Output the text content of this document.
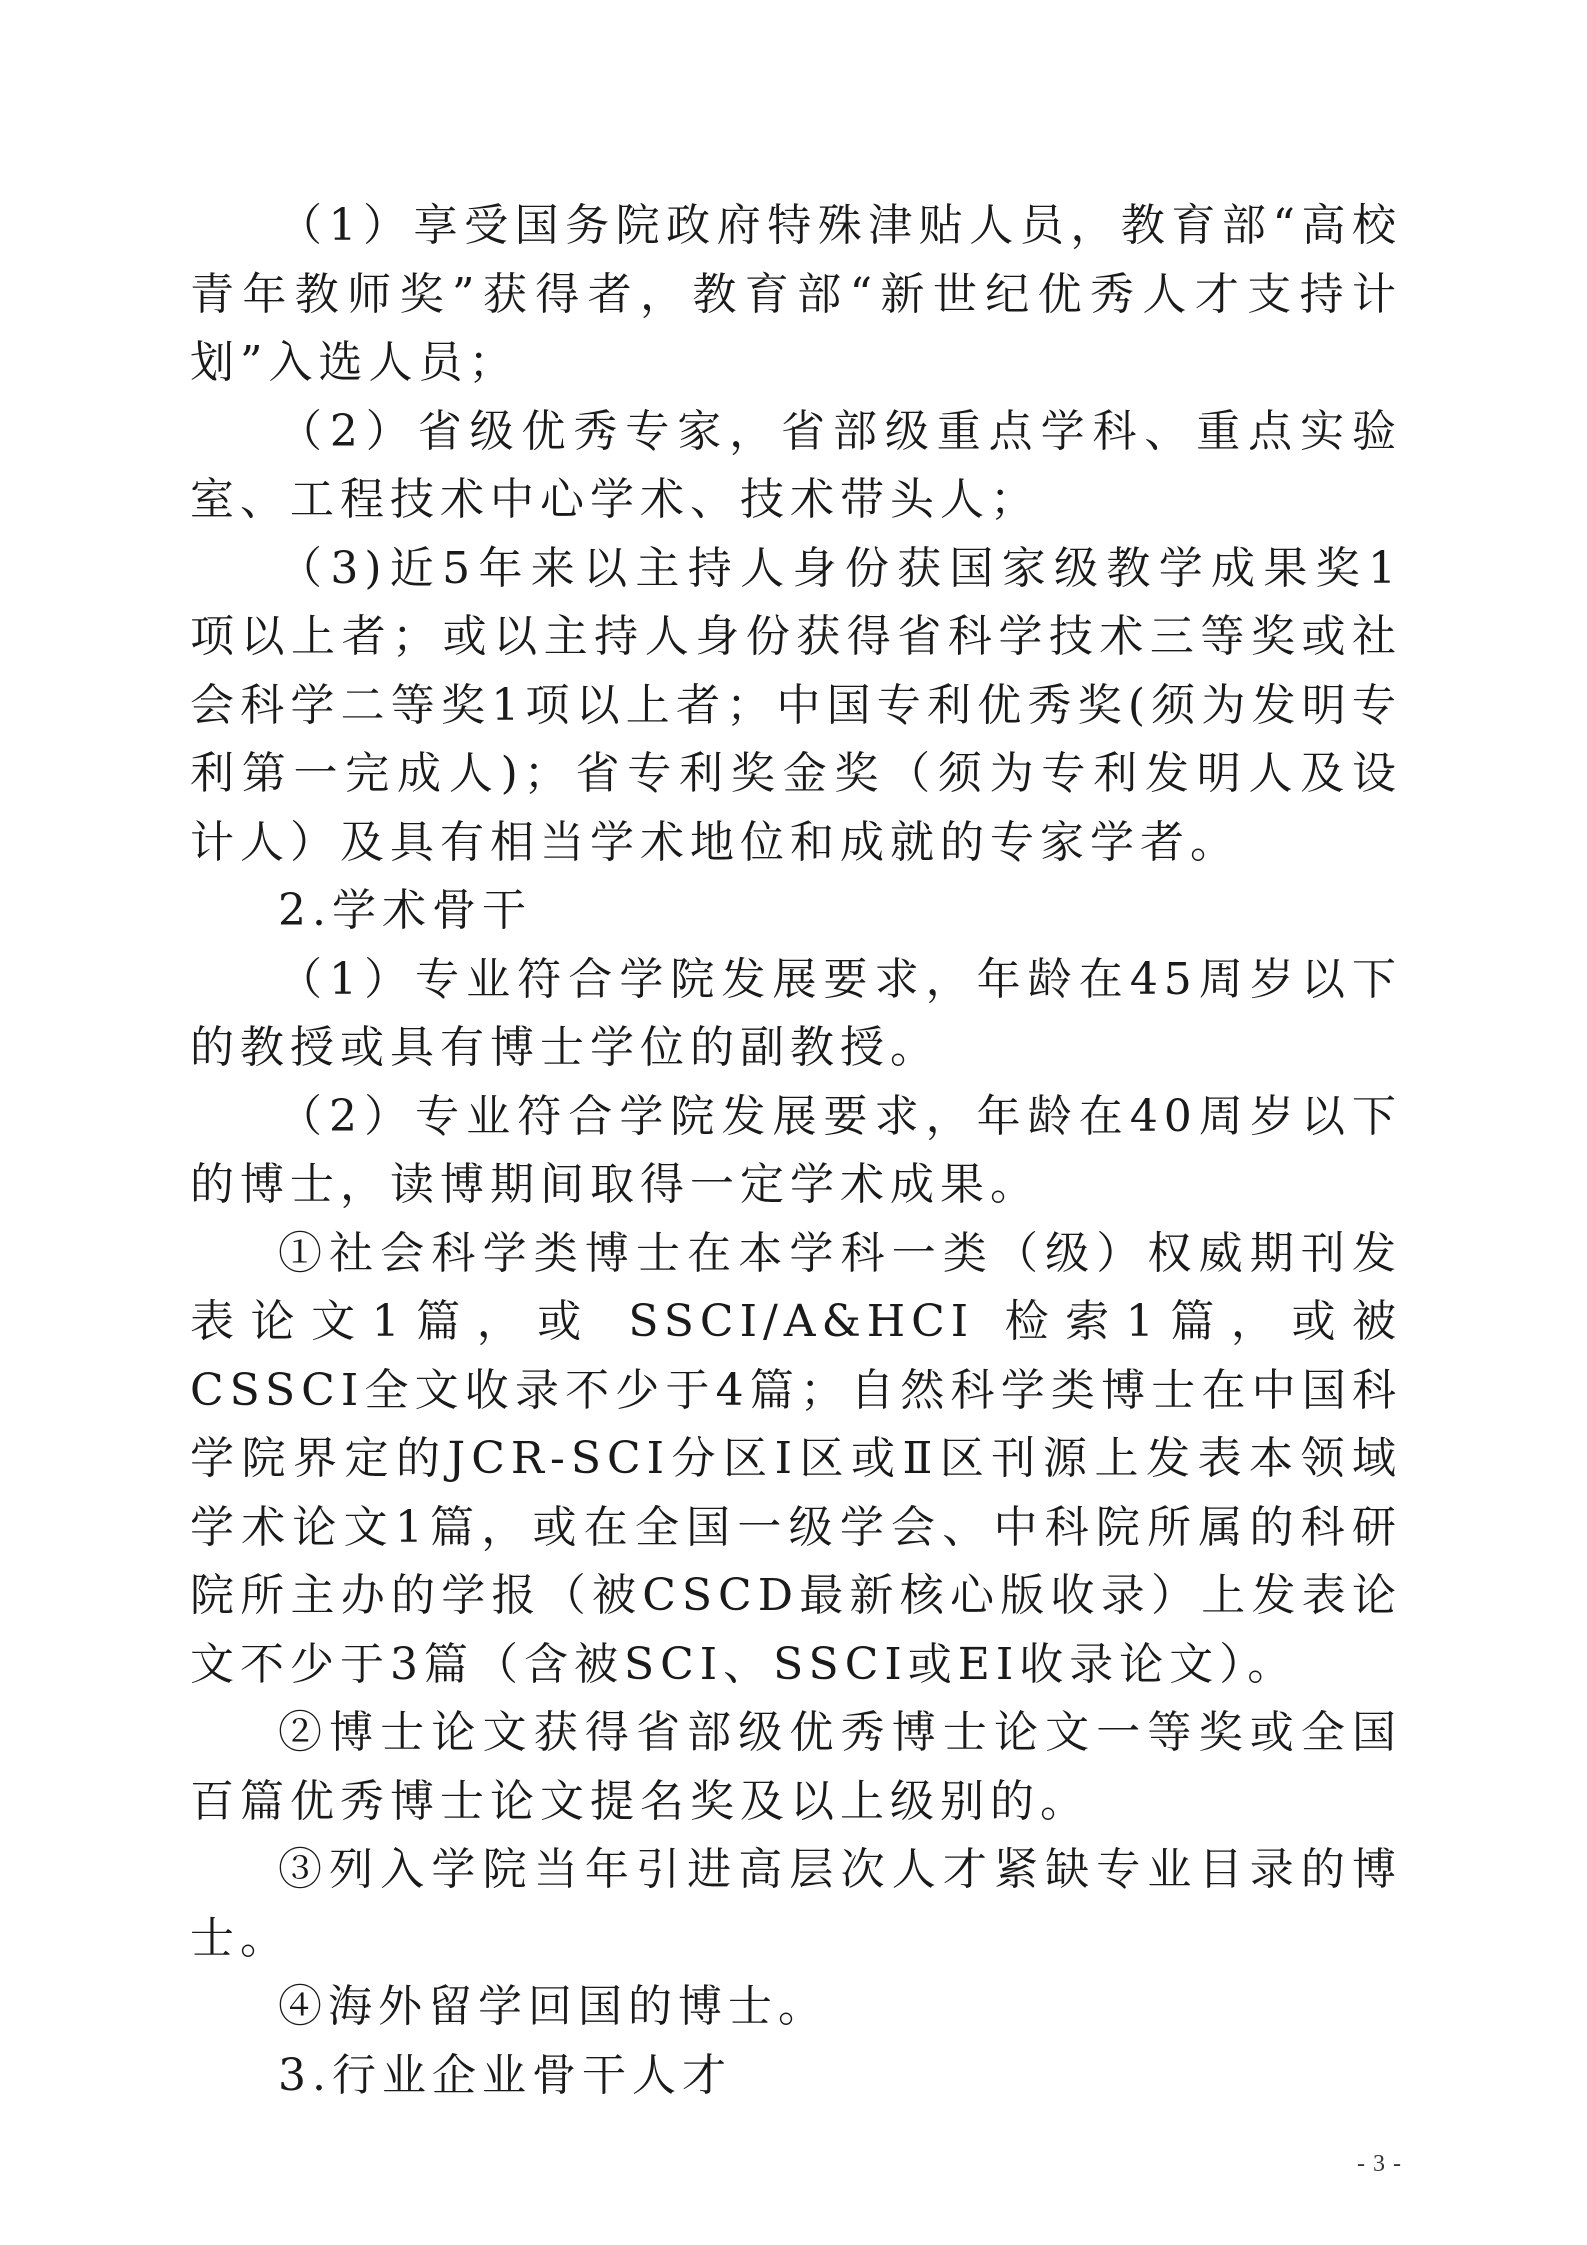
（1）享受国务院政府特殊津贴人员，教育部“高校青年教师奖”获得者，教育部“新世纪优秀人才支持计划”入选人员；

（2）省级优秀专家，省部级重点学科、重点实验室、工程技术中心学术、技术带头人；

（3)近5年来以主持人身份获国家级教学成果奖1项以上者；或以主持人身份获得省科学技术三等奖或社会科学二等奖1项以上者；中国专利优秀奖(须为发明专利第一完成人)；省专利奖金奖（须为专利发明人及设计人）及具有相当学术地位和成就的专家学者。

2.学术骨干

（1）专业符合学院发展要求，年龄在45周岁以下的教授或具有博士学位的副教授。

（2）专业符合学院发展要求，年龄在40周岁以下的博士，读博期间取得一定学术成果。

①社会科学类博士在本学科一类（级）权威期刊发表论文1篇，或 SSCI/A&HCI 检索1篇，或被CSSCI全文收录不少于4篇；自然科学类博士在中国科学院界定的JCR-SCI分区Ⅰ区或Ⅱ区刊源上发表本领域学术论文1篇，或在全国一级学会、中科院所属的科研院所主办的学报（被CSCD最新核心版收录）上发表论文不少于3篇（含被SCI、SSCI或EI收录论文）。

②博士论文获得省部级优秀博士论文一等奖或全国百篇优秀博士论文提名奖及以上级别的。

③列入学院当年引进高层次人才紧缺专业目录的博士。

④海外留学回国的博士。

3.行业企业骨干人才

- 3 -
